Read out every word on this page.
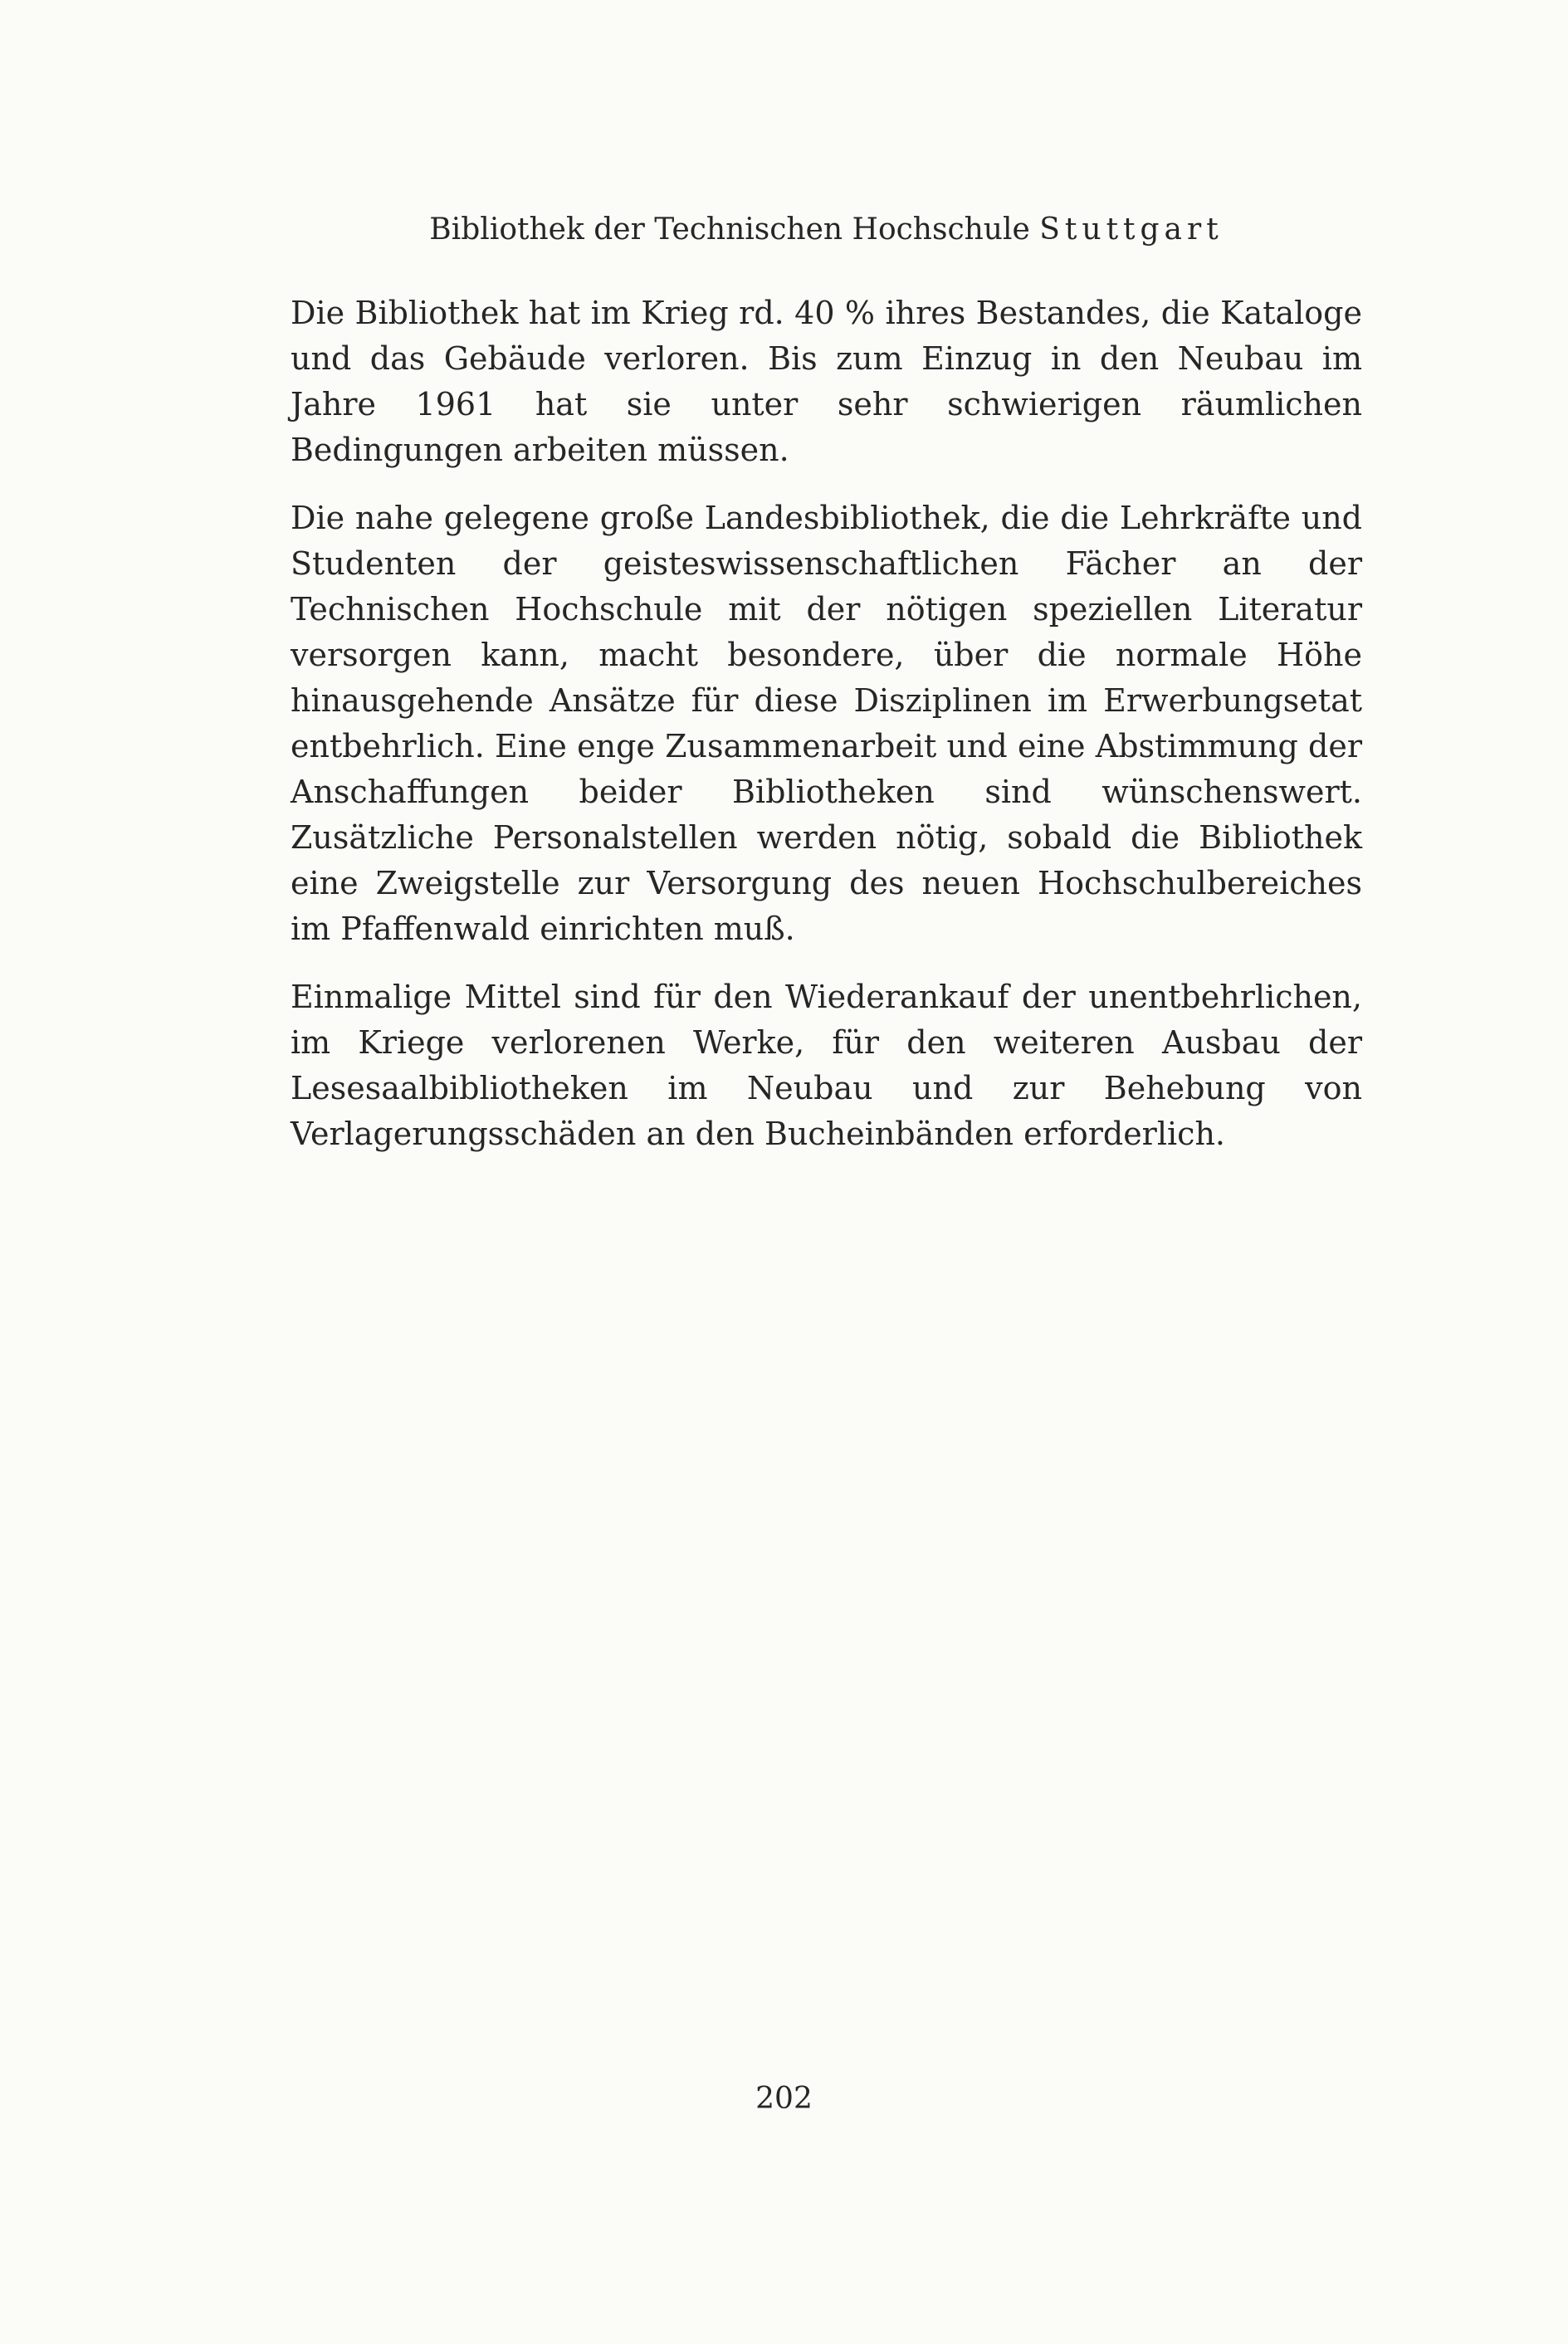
Bibliothek der Technischen Hochschule Stuttgart

Die Bibliothek hat im Krieg rd. 40 % ihres Bestandes, die Kataloge und das Gebäude verloren. Bis zum Einzug in den Neubau im Jahre 1961 hat sie unter sehr schwierigen räumlichen Bedingungen arbeiten müssen.

Die nahe gelegene große Landesbibliothek, die die Lehrkräfte und Studenten der geisteswissenschaftlichen Fächer an der Technischen Hochschule mit der nötigen speziellen Literatur versorgen kann, macht besondere, über die normale Höhe hinausgehende Ansätze für diese Disziplinen im Erwerbungsetat entbehrlich. Eine enge Zusammenarbeit und eine Abstimmung der Anschaffungen beider Bibliotheken sind wünschenswert. Zusätzliche Personalstellen werden nötig, sobald die Bibliothek eine Zweigstelle zur Versorgung des neuen Hochschulbereiches im Pfaffenwald einrichten muß.

Einmalige Mittel sind für den Wiederankauf der unentbehrlichen, im Kriege verlorenen Werke, für den weiteren Ausbau der Lesesaalbibliotheken im Neubau und zur Behebung von Verlagerungsschäden an den Bucheinbänden erforderlich.

202
